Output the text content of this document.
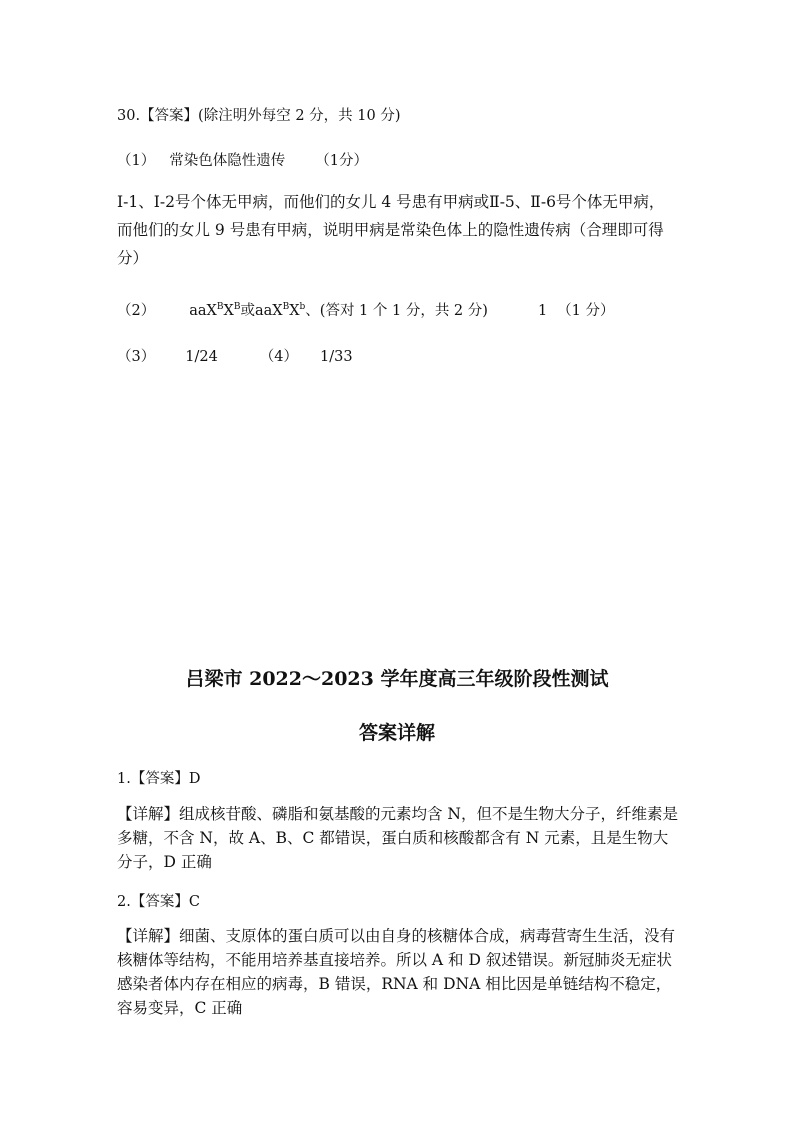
30.【答案】(除注明外每空 2 分，共 10 分)
（1） 常染色体隐性遗传 （1分）
Ⅰ-1、Ⅰ-2号个体无甲病，而他们的女儿 4 号患有甲病或Ⅱ-5、Ⅱ-6号个体无甲病，而他们的女儿 9 号患有甲病，说明甲病是常染色体上的隐性遗传病（合理即可得分）
（2） $aaX^BX^B$或$aaX^BX^b$、(答对 1 个 1 分，共 2 分)	1 （1 分）
（3） 1/24	（4） 1/33
吕梁市 2022～2023 学年度高三年级阶段性测试
答案详解
1.【答案】D
【详解】组成核苷酸、磷脂和氨基酸的元素均含 N，但不是生物大分子，纤维素是多糖，不含 N，故 A、B、C 都错误，蛋白质和核酸都含有 N 元素，且是生物大分子，D 正确
2.【答案】C
【详解】细菌、支原体的蛋白质可以由自身的核糖体合成，病毒营寄生生活，没有核糖体等结构，不能用培养基直接培养。所以 A 和 D 叙述错误。新冠肺炎无症状感染者体内存在相应的病毒，B 错误，RNA 和 DNA 相比因是单链结构不稳定，容易变异，C 正确
